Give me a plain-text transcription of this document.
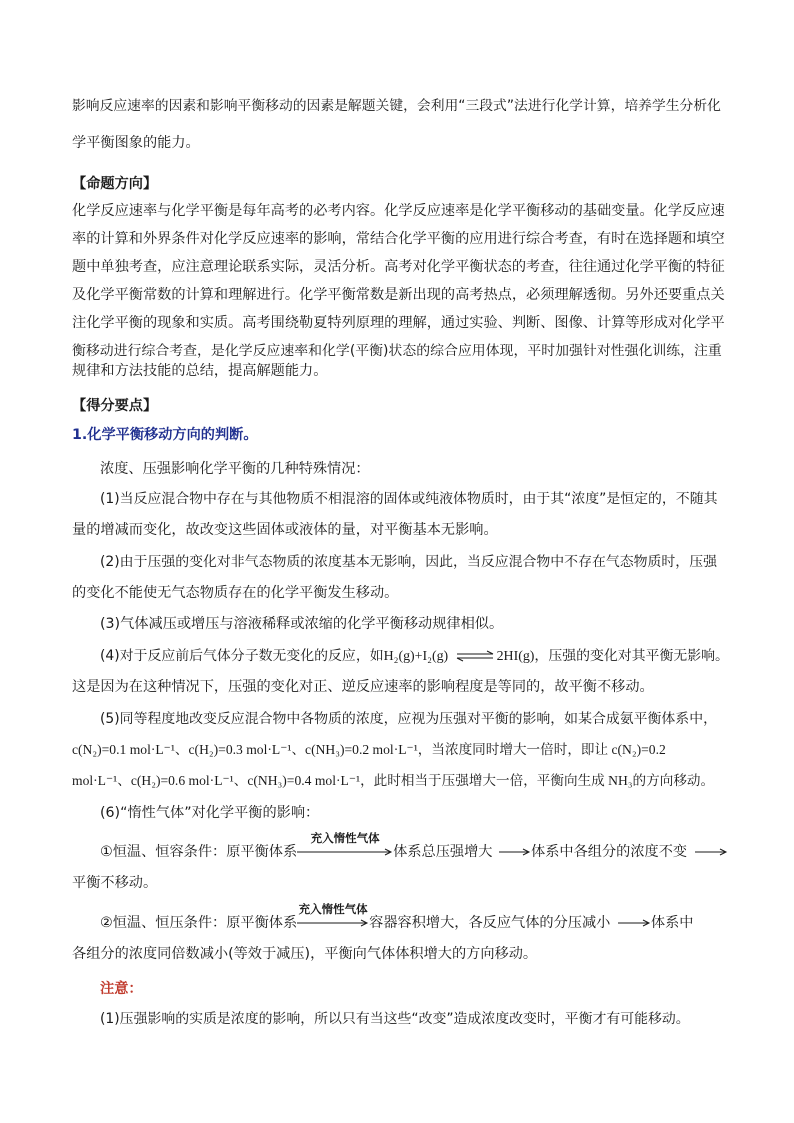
影响反应速率的因素和影响平衡移动的因素是解题关键，会利用“三段式”法进行化学计算，培养学生分析化
学平衡图象的能力。
【命题方向】
化学反应速率与化学平衡是每年高考的必考内容。化学反应速率是化学平衡移动的基础变量。化学反应速
率的计算和外界条件对化学反应速率的影响，常结合化学平衡的应用进行综合考查，有时在选择题和填空
题中单独考查，应注意理论联系实际，灵活分析。高考对化学平衡状态的考查，往往通过化学平衡的特征
及化学平衡常数的计算和理解进行。化学平衡常数是新出现的高考热点，必须理解透彻。另外还要重点关
注化学平衡的现象和实质。高考围绕勒夏特列原理的理解，通过实验、判断、图像、计算等形成对化学平
衡移动进行综合考查，是化学反应速率和化学(平衡)状态的综合应用体现，平时加强针对性强化训练，注重
规律和方法技能的总结，提高解题能力。
【得分要点】
1.化学平衡移动方向的判断。
浓度、压强影响化学平衡的几种特殊情况：
(1)当反应混合物中存在与其他物质不相混溶的固体或纯液体物质时，由于其“浓度”是恒定的，不随其
量的增减而变化，故改变这些固体或液体的量，对平衡基本无影响。
(2)由于压强的变化对非气态物质的浓度基本无影响，因此，当反应混合物中不存在气态物质时，压强
的变化不能使无气态物质存在的化学平衡发生移动。
(3)气体减压或增压与溶液稀释或浓缩的化学平衡移动规律相似。
(4)对于反应前后气体分子数无变化的反应，如H₂(g)+I₂(g) ⇌2HI(g)，压强的变化对其平衡无影响。
这是因为在这种情况下，压强的变化对正、逆反应速率的影响程度是等同的，故平衡不移动。
(5)同等程度地改变反应混合物中各物质的浓度，应视为压强对平衡的影响，如某合成氨平衡体系中，
c(N₂)=0.1 mol·L⁻¹、c(H₂)=0.3 mol·L⁻¹、c(NH₃)=0.2 mol·L⁻¹，当浓度同时增大一倍时，即让 c(N₂)=0.2
mol·L⁻¹、c(H₂)=0.6 mol·L⁻¹、c(NH₃)=0.4 mol·L⁻¹，此时相当于压强增大一倍，平衡向生成 NH₃的方向移动。
(6)“惰性气体”对化学平衡的影响：
①恒温、恒容条件：原平衡体系
充入惰性气体
体系总压强增大	体系中各组分的浓度不变
平衡不移动。
②恒温、恒压条件：原平衡体系
充入惰性气体
容器容积增大，各反应气体的分压减小	体系中
各组分的浓度同倍数减小(等效于减压)，平衡向气体体积增大的方向移动。
注意：
(1)压强影响的实质是浓度的影响，所以只有当这些“改变”造成浓度改变时，平衡才有可能移动。
